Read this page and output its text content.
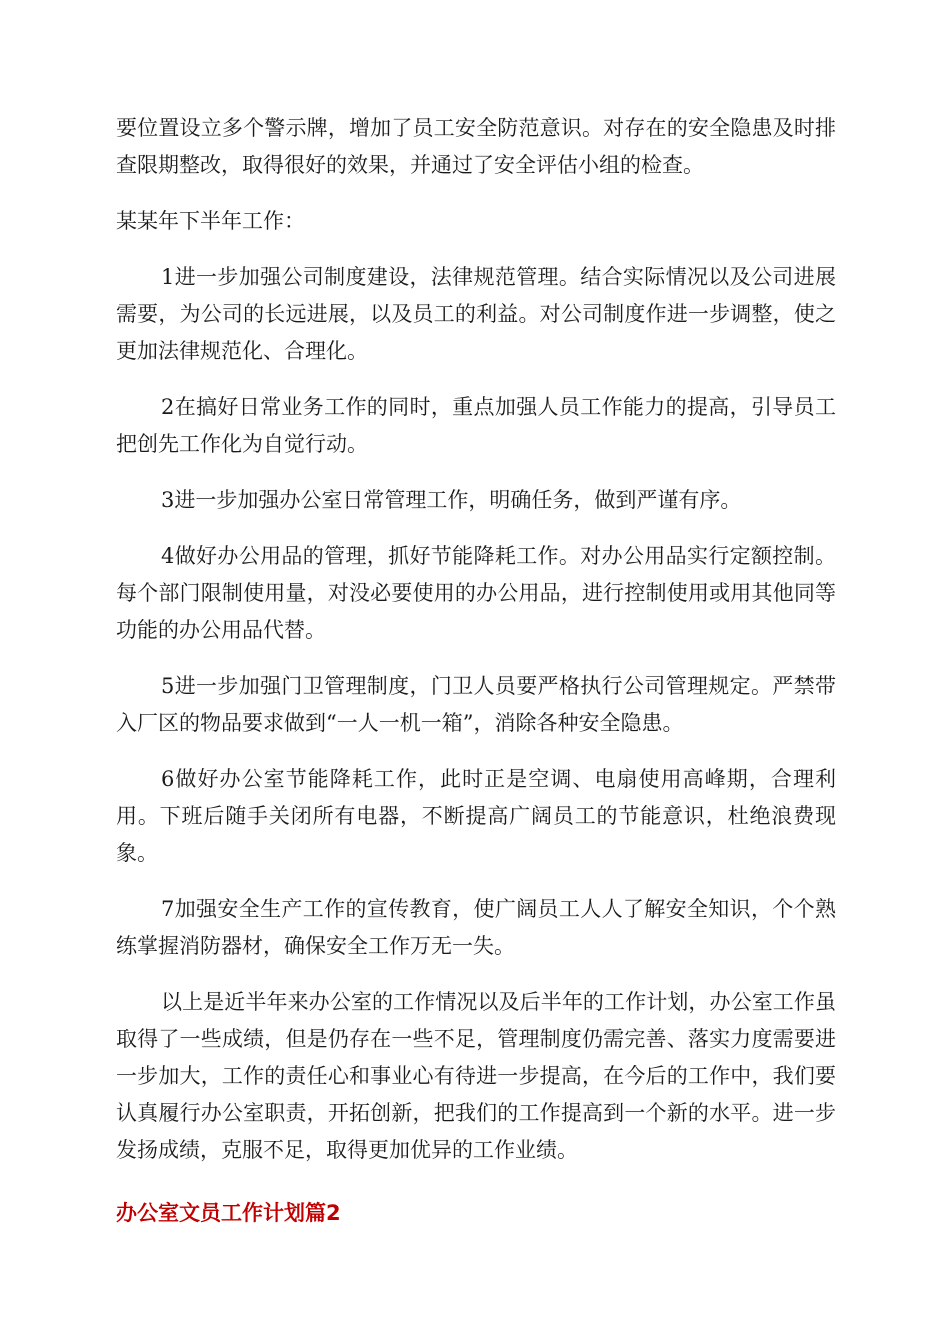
要位置设立多个警示牌，增加了员工安全防范意识。对存在的安全隐患及时排查限期整改，取得很好的效果，并通过了安全评估小组的检查。

某某年下半年工作：

1进一步加强公司制度建设，法律规范管理。结合实际情况以及公司进展需要，为公司的长远进展，以及员工的利益。对公司制度作进一步调整，使之更加法律规范化、合理化。

2在搞好日常业务工作的同时，重点加强人员工作能力的提高，引导员工把创先工作化为自觉行动。

3进一步加强办公室日常管理工作，明确任务，做到严谨有序。

4做好办公用品的管理，抓好节能降耗工作。对办公用品实行定额控制。每个部门限制使用量，对没必要使用的办公用品，进行控制使用或用其他同等功能的办公用品代替。

5进一步加强门卫管理制度，门卫人员要严格执行公司管理规定。严禁带入厂区的物品要求做到“一人一机一箱”，消除各种安全隐患。

6做好办公室节能降耗工作，此时正是空调、电扇使用高峰期，合理利用。下班后随手关闭所有电器，不断提高广阔员工的节能意识，杜绝浪费现象。

7加强安全生产工作的宣传教育，使广阔员工人人了解安全知识，个个熟练掌握消防器材，确保安全工作万无一失。

以上是近半年来办公室的工作情况以及后半年的工作计划，办公室工作虽取得了一些成绩，但是仍存在一些不足，管理制度仍需完善、落实力度需要进一步加大，工作的责任心和事业心有待进一步提高，在今后的工作中，我们要认真履行办公室职责，开拓创新，把我们的工作提高到一个新的水平。进一步发扬成绩，克服不足，取得更加优异的工作业绩。

办公室文员工作计划篇2
